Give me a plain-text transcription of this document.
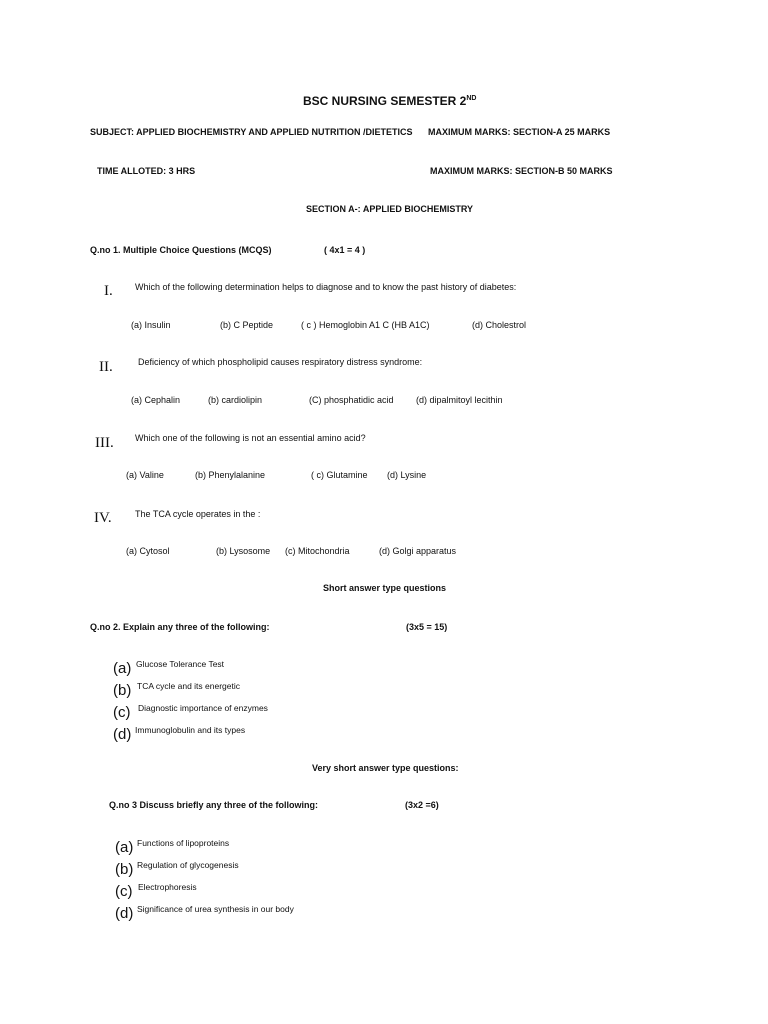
BSC NURSING SEMESTER 2ND
SUBJECT: APPLIED BIOCHEMISTRY AND APPLIED NUTRITION /DIETETICS MAXIMUM MARKS: SECTION-A 25 MARKS
TIME ALLOTED: 3 HRS	MAXIMUM MARKS: SECTION-B 50 MARKS
SECTION A-: APPLIED BIOCHEMISTRY
Q.no 1. Multiple Choice Questions (MCQS)	( 4x1 = 4 )
I. Which of the following determination helps to diagnose and to know the past history of diabetes:
(a) Insulin	(b) C Peptide	( c ) Hemoglobin A1 C (HB A1C)	(d) Cholestrol
II.	Deficiency of which phospholipid causes respiratory distress syndrome:
(a) Cephalin	(b) cardiolipin	(C) phosphatidic acid (d) dipalmitoyl lecithin
III. Which one of the following is not an essential amino acid?
(a) Valine	(b) Phenylalanine	( c) Glutamine (d) Lysine
IV.	The TCA cycle operates in the :
(a) Cytosol	(b) Lysosome (c) Mitochondria	(d) Golgi apparatus
Short answer type questions
Q.no 2. Explain any three of the following:	(3x5 = 15)
(a) Glucose Tolerance Test
(b) TCA cycle and its energetic
(c) Diagnostic importance of enzymes
(d) Immunoglobulin and its types
Very short answer type questions:
Q.no 3 Discuss briefly any three of the following:	(3x2 =6)
(a) Functions of lipoproteins
(b) Regulation of glycogenesis
(c) Electrophoresis
(d) Significance of urea synthesis in our body
